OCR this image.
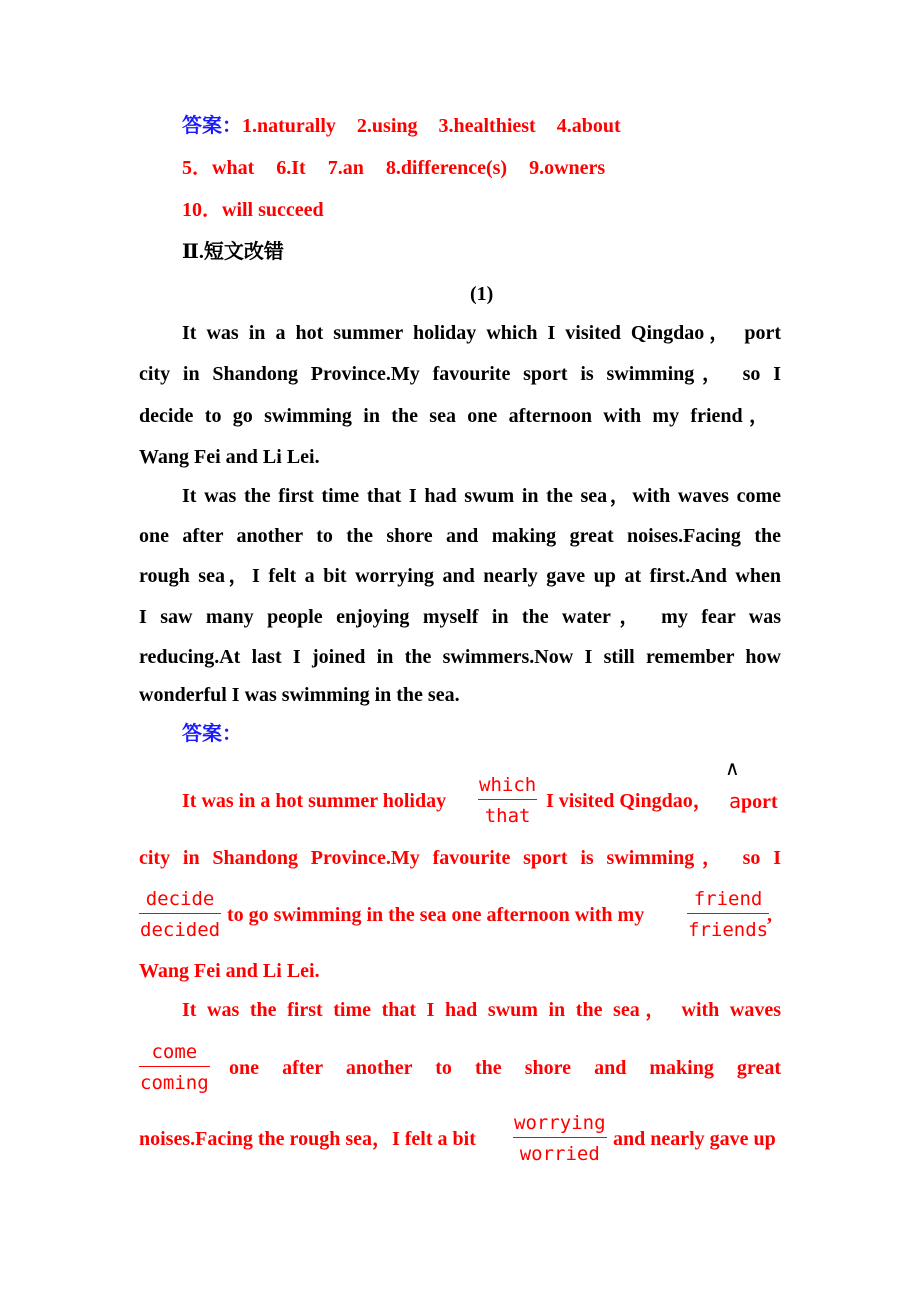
答案：1.naturally 2.using 3.healthiest 4.about
5．what 6.It 7.an 8.difference(s) 9.owners
10．will succeed
Ⅱ.短文改错
(1)
It was in a hot summer holiday which I visited Qingdao， port
city in Shandong Province.My favourite sport is swimming， so I
decide to go swimming in the sea one afternoon with my friend，
Wang Fei and Li Lei.
It was the first time that I had swum in the sea，with waves come
one after another to the shore and making great noises.Facing the
rough sea，I felt a bit worrying and nearly gave up at first.And when
I saw many people enjoying myself in the water， my fear was
reducing.At last I joined in the swimmers.Now I still remember how
wonderful I was swimming in the sea.
答案：
It was in a hot summer holiday
which
that
I visited Qingdao，
∧
aport
city in Shandong Province.My favourite sport is swimming， so I
decide
decided
to go swimming in the sea one afternoon with my
friend
friends
,
Wang Fei and Li Lei.
It was the first time that I had swum in the sea， with waves
come
coming
one after another to the shore and making great
noises.Facing the rough sea，I felt a bit
worrying
worried
and nearly gave up
